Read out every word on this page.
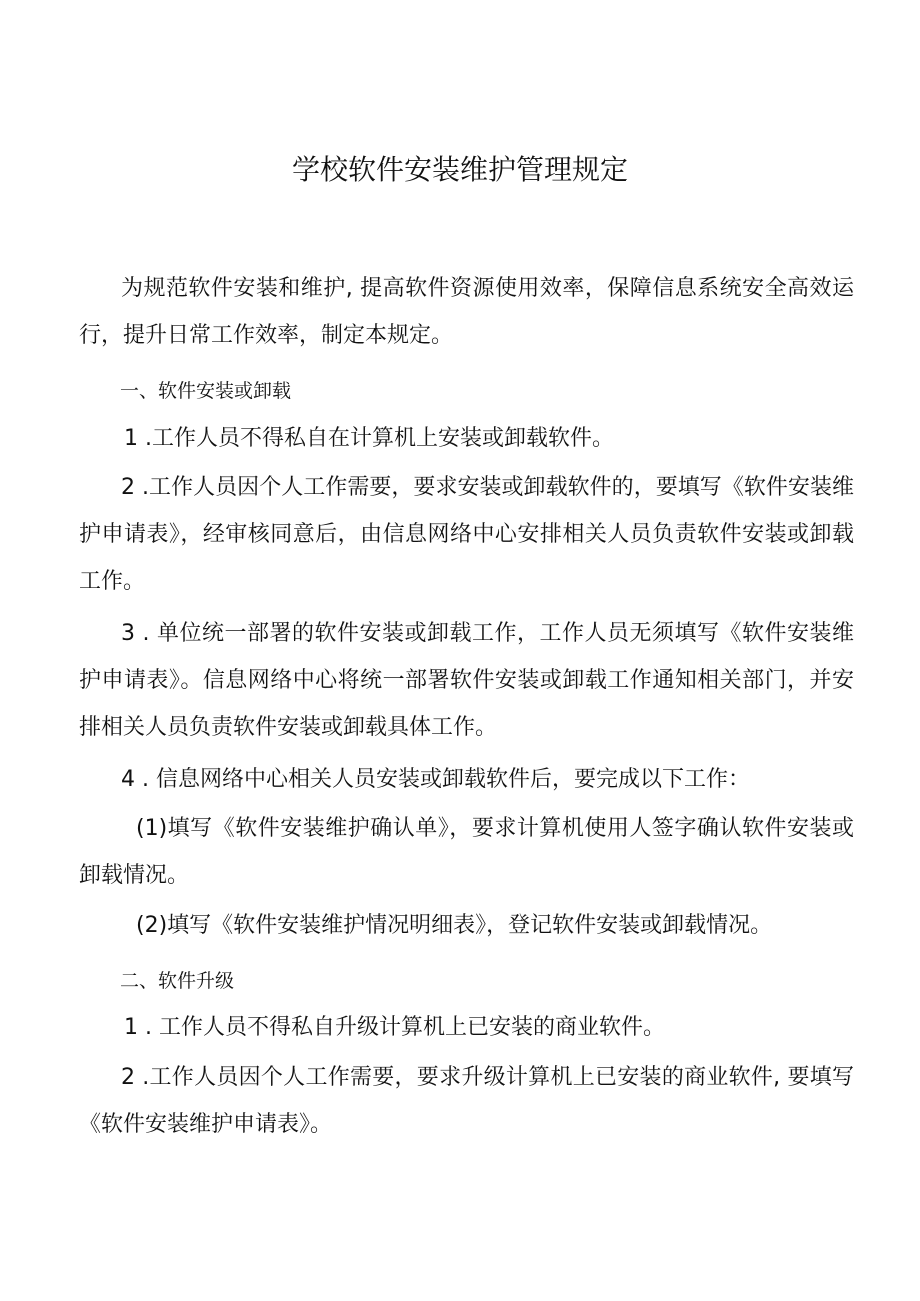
学校软件安装维护管理规定

为规范软件安装和维护, 提高软件资源使用效率，保障信息系统安全高效运行，提升日常工作效率，制定本规定。

一、软件安装或卸载

1 .工作人员不得私自在计算机上安装或卸载软件。

2 .工作人员因个人工作需要，要求安装或卸载软件的，要填写《软件安装维护申请表》，经审核同意后，由信息网络中心安排相关人员负责软件安装或卸载工作。

3 . 单位统一部署的软件安装或卸载工作，工作人员无须填写《软件安装维护申请表》。信息网络中心将统一部署软件安装或卸载工作通知相关部门，并安排相关人员负责软件安装或卸载具体工作。

4 . 信息网络中心相关人员安装或卸载软件后，要完成以下工作：

(1)填写《软件安装维护确认单》，要求计算机使用人签字确认软件安装或卸载情况。

(2)填写《软件安装维护情况明细表》，登记软件安装或卸载情况。

二、软件升级

1 . 工作人员不得私自升级计算机上已安装的商业软件。

2 .工作人员因个人工作需要，要求升级计算机上已安装的商业软件, 要填写《软件安装维护申请表》。
